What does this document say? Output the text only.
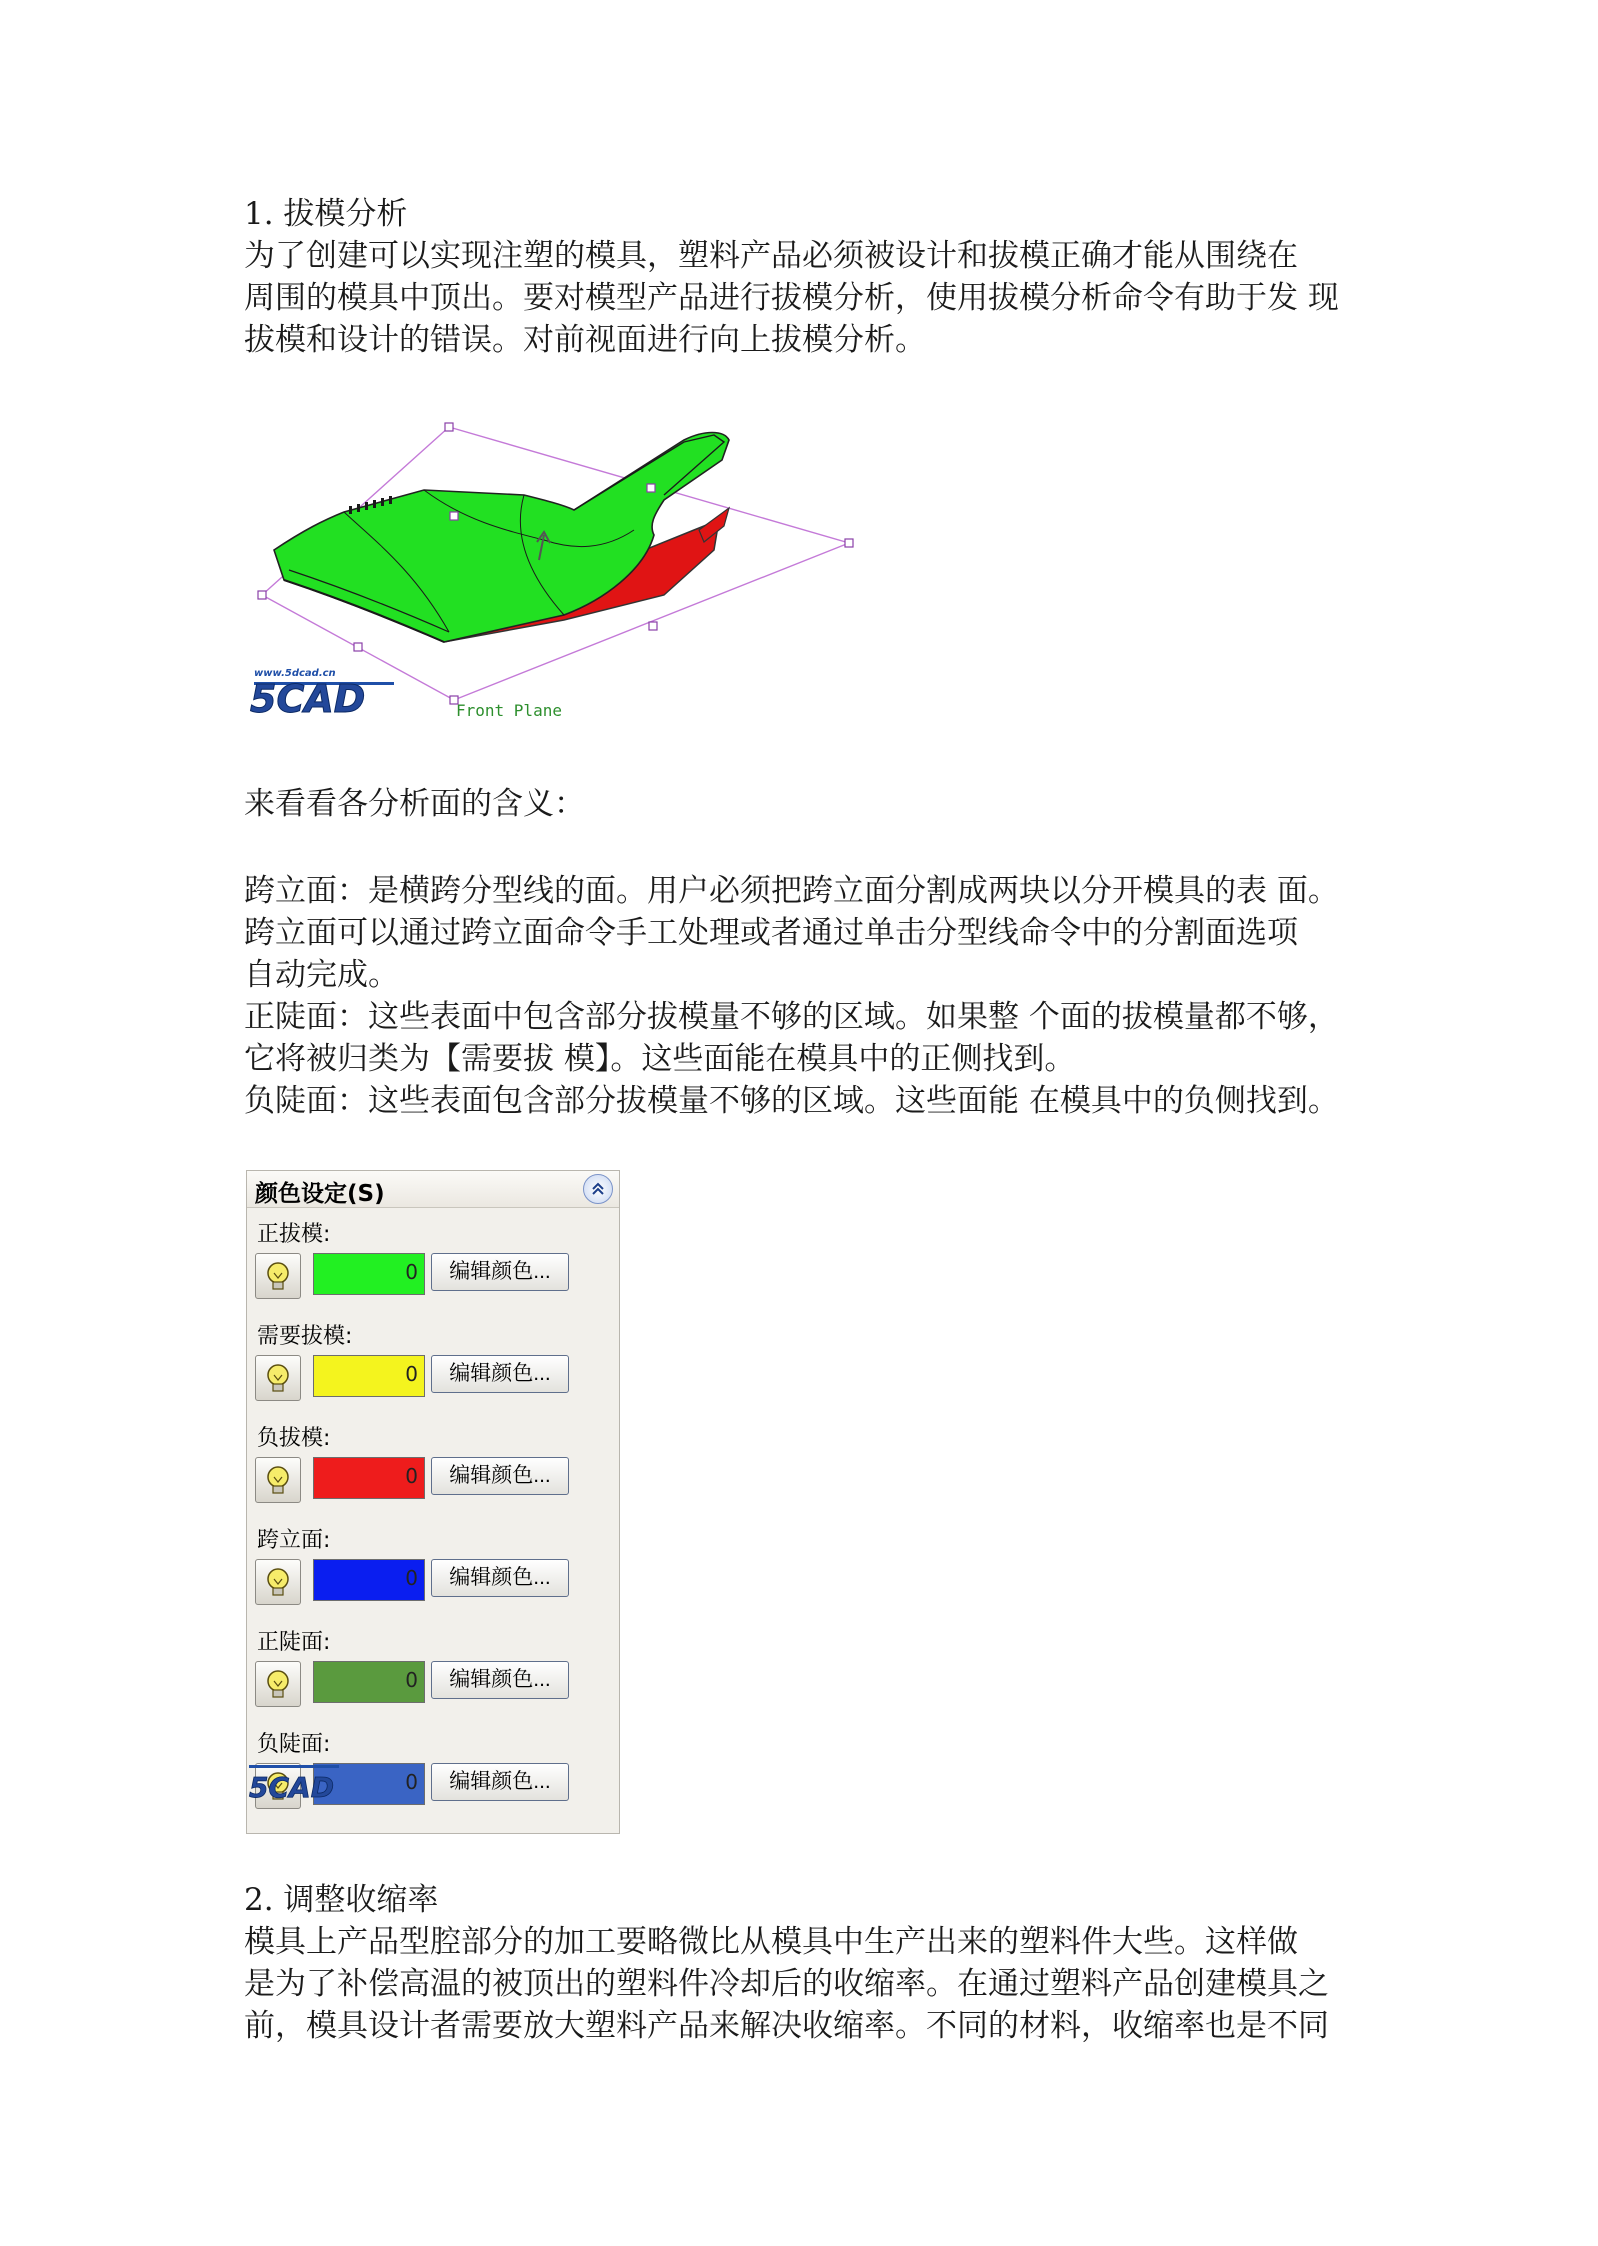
1. 拔模分析

为了创建可以实现注塑的模具，塑料产品必须被设计和拔模正确才能从围绕在

周围的模具中顶出。要对模型产品进行拔模分析，使用拔模分析命令有助于发 现

拔模和设计的错误。对前视面进行向上拔模分析。

Front Plane
www.5dcad.cn
5CAD
来看看各分析面的含义：

跨立面：是横跨分型线的面。用户必须把跨立面分割成两块以分开模具的表 面。

跨立面可以通过跨立面命令手工处理或者通过单击分型线命令中的分割面选项

自动完成。

正陡面：这些表面中包含部分拔模量不够的区域。如果整 个面的拔模量都不够，

它将被归类为【需要拔 模】。这些面能在模具中的正侧找到。

负陡面：这些表面包含部分拔模量不够的区域。这些面能 在模具中的负侧找到。

颜色设定(S)
正拔模:
0	编辑颜色...
需要拔模:
0	编辑颜色...
负拔模:
0	编辑颜色...
跨立面:
0	编辑颜色...
正陡面:
0	编辑颜色...
负陡面:
0	编辑颜色...
5CAD
2. 调整收缩率

模具上产品型腔部分的加工要略微比从模具中生产出来的塑料件大些。这样做

是为了补偿高温的被顶出的塑料件冷却后的收缩率。在通过塑料产品创建模具之

前，模具设计者需要放大塑料产品来解决收缩率。不同的材料，收缩率也是不同
